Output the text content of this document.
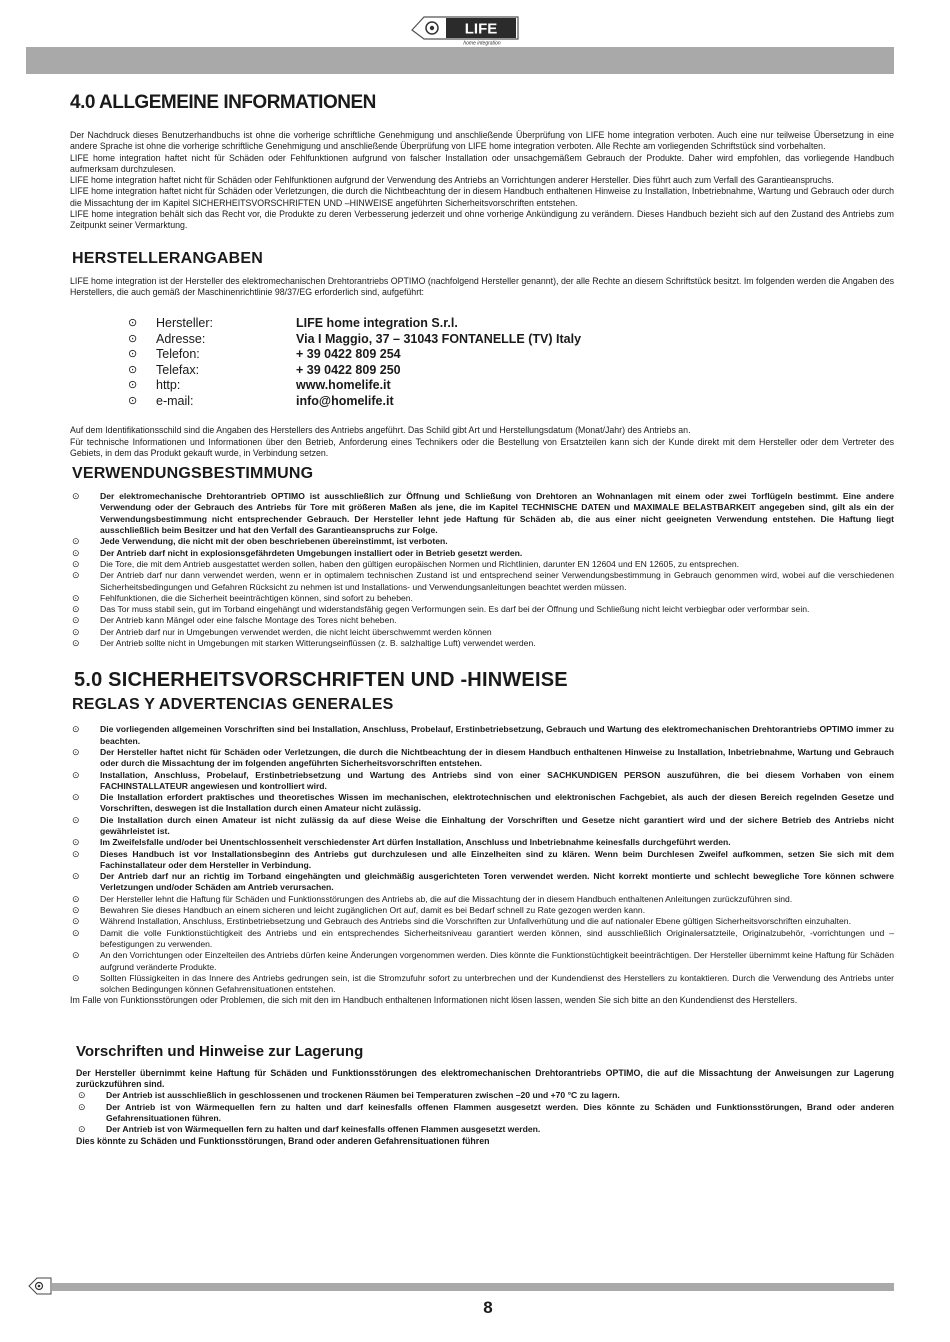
LIFE
home integration
4.0 ALLGEMEINE INFORMATIONEN

Der Nachdruck dieses Benutzerhandbuchs ist ohne die vorherige schriftliche Genehmigung und anschließende Überprüfung von LIFE home integration verboten. Auch eine nur teilweise Übersetzung in eine andere Sprache ist ohne die vorherige schriftliche Genehmigung und anschließende Überprüfung von LIFE home integration verboten. Alle Rechte am vorliegenden Schriftstück sind vorbehalten.

LIFE home integration haftet nicht für Schäden oder Fehlfunktionen aufgrund von falscher Installation oder unsachgemäßem Gebrauch der Produkte. Daher wird empfohlen, das vorliegende Handbuch aufmerksam durchzulesen.

LIFE home integration haftet nicht für Schäden oder Fehlfunktionen aufgrund der Verwendung des Antriebs an Vorrichtungen anderer Hersteller. Dies führt auch zum Verfall des Garantieanspruchs.

LIFE home integration haftet nicht für Schäden oder Verletzungen, die durch die Nichtbeachtung der in diesem Handbuch enthaltenen Hinweise zu Installation, Inbetriebnahme, Wartung und Gebrauch oder durch die Missachtung der im Kapitel SICHERHEITSVORSCHRIFTEN UND –HINWEISE angeführten Sicherheitsvorschriften entstehen.

LIFE home integration behält sich das Recht vor, die Produkte zu deren Verbesserung jederzeit und ohne vorherige Ankündigung zu verändern. Dieses Handbuch bezieht sich auf den Zustand des Antriebs zum Zeitpunkt seiner Vermarktung.

HERSTELLERANGABEN

LIFE home integration ist der Hersteller des elektromechanischen Drehtorantriebs OPTIMO (nachfolgend Hersteller genannt), der alle Rechte an diesem Schriftstück besitzt. Im folgenden werden die Angaben des Herstellers, die auch gemäß der Maschinenrichtlinie 98/37/EG erforderlich sind, aufgeführt:

⊙	Hersteller:	LIFE home integration S.r.l.
⊙	Adresse:	Via I Maggio, 37 – 31043 FONTANELLE (TV) Italy
⊙	Telefon:	+ 39 0422 809 254
⊙	Telefax:	+ 39 0422 809 250
⊙	http:	www.homelife.it
⊙	e-mail:	info@homelife.it

Auf dem Identifikationsschild sind die Angaben des Herstellers des Antriebs angeführt. Das Schild gibt Art und Herstellungsdatum (Monat/Jahr) des Antriebs an.

Für technische Informationen und Informationen über den Betrieb, Anforderung eines Technikers oder die Bestellung von Ersatzteilen kann sich der Kunde direkt mit dem Hersteller oder dem Vertreter des Gebiets, in dem das Produkt gekauft wurde, in Verbindung setzen.

VERWENDUNGSBESTIMMUNG
⊙ Der elektromechanische Drehtorantrieb OPTIMO ist ausschließlich zur Öffnung und Schließung von Drehtoren an Wohnanlagen mit einem oder zwei Torflügeln bestimmt. Eine andere Verwendung oder der Gebrauch des Antriebs für Tore mit größeren Maßen als jene, die im Kapitel TECHNISCHE DATEN und MAXIMALE BELASTBARKEIT angegeben sind, gilt als ein der Verwendungsbestimmung nicht entsprechender Gebrauch. Der Hersteller lehnt jede Haftung für Schäden ab, die aus einer nicht geeigneten Verwendung entstehen. Die Haftung liegt ausschließlich beim Besitzer und hat den Verfall des Garantieanspruchs zur Folge.
⊙ Jede Verwendung, die nicht mit der oben beschriebenen übereinstimmt, ist verboten.
⊙ Der Antrieb darf nicht in explosionsgefährdeten Umgebungen installiert oder in Betrieb gesetzt werden.
⊙ Die Tore, die mit dem Antrieb ausgestattet werden sollen, haben den gültigen europäischen Normen und Richtlinien, darunter EN 12604 und EN 12605, zu entsprechen.
⊙ Der Antrieb darf nur dann verwendet werden, wenn er in optimalem technischen Zustand ist und entsprechend seiner Verwendungsbestimmung in Gebrauch genommen wird, wobei auf die verschiedenen Sicherheitsbedingungen und Gefahren Rücksicht zu nehmen ist und Installations- und Verwendungsanleitungen beachtet werden müssen.
⊙ Fehlfunktionen, die die Sicherheit beeinträchtigen können, sind sofort zu beheben.
⊙ Das Tor muss stabil sein, gut im Torband eingehängt und widerstandsfähig gegen Verformungen sein. Es darf bei der Öffnung und Schließung nicht leicht verbiegbar oder verformbar sein.
⊙ Der Antrieb kann Mängel oder eine falsche Montage des Tores nicht beheben.
⊙ Der Antrieb darf nur in Umgebungen verwendet werden, die nicht leicht überschwemmt werden können
⊙ Der Antrieb sollte nicht in Umgebungen mit starken Witterungseinflüssen (z. B. salzhaltige Luft) verwendet werden.
5.0 SICHERHEITSVORSCHRIFTEN UND -HINWEISE
REGLAS Y ADVERTENCIAS GENERALES
⊙ Die vorliegenden allgemeinen Vorschriften sind bei Installation, Anschluss, Probelauf, Erstinbetriebsetzung, Gebrauch und Wartung des elektromechanischen Drehtorantriebs OPTIMO immer zu beachten.
⊙ Der Hersteller haftet nicht für Schäden oder Verletzungen, die durch die Nichtbeachtung der in diesem Handbuch enthaltenen Hinweise zu Installation, Inbetriebnahme, Wartung und Gebrauch oder durch die Missachtung der im folgenden angeführten Sicherheitsvorschriften entstehen.
⊙ Installation, Anschluss, Probelauf, Erstinbetriebsetzung und Wartung des Antriebs sind von einer SACHKUNDIGEN PERSON auszuführen, die bei diesem Vorhaben von einem FACHINSTALLATEUR angewiesen und kontrolliert wird.
⊙ Die Installation erfordert praktisches und theoretisches Wissen im mechanischen, elektrotechnischen und elektronischen Fachgebiet, als auch der diesen Bereich regelnden Gesetze und Vorschriften, deswegen ist die Installation durch einen Amateur nicht zulässig.
⊙ Die Installation durch einen Amateur ist nicht zulässig da auf diese Weise die Einhaltung der Vorschriften und Gesetze nicht garantiert wird und der sichere Betrieb des Antriebs nicht gewährleistet ist.
⊙ Im Zweifelsfalle und/oder bei Unentschlossenheit verschiedenster Art dürfen Installation, Anschluss und Inbetriebnahme keinesfalls durchgeführt werden.
⊙ Dieses Handbuch ist vor Installationsbeginn des Antriebs gut durchzulesen und alle Einzelheiten sind zu klären. Wenn beim Durchlesen Zweifel aufkommen, setzen Sie sich mit dem Fachinstallateur oder dem Hersteller in Verbindung.
⊙ Der Antrieb darf nur an richtig im Torband eingehängten und gleichmäßig ausgerichteten Toren verwendet werden. Nicht korrekt montierte und schlecht bewegliche Tore können schwere Verletzungen und/oder Schäden am Antrieb verursachen.
⊙ Der Hersteller lehnt die Haftung für Schäden und Funktionsstörungen des Antriebs ab, die auf die Missachtung der in diesem Handbuch enthaltenen Anleitungen zurückzuführen sind.
⊙ Bewahren Sie dieses Handbuch an einem sicheren und leicht zugänglichen Ort auf, damit es bei Bedarf schnell zu Rate gezogen werden kann.
⊙ Während Installation, Anschluss, Erstinbetriebsetzung und Gebrauch des Antriebs sind die Vorschriften zur Unfallverhütung und die auf nationaler Ebene gültigen Sicherheitsvorschriften einzuhalten.
⊙ Damit die volle Funktionstüchtigkeit des Antriebs und ein entsprechendes Sicherheitsniveau garantiert werden können, sind ausschließlich Originalersatzteile, Originalzubehör, -vorrichtungen und –befestigungen zu verwenden.
⊙ An den Vorrichtungen oder Einzelteilen des Antriebs dürfen keine Änderungen vorgenommen werden. Dies könnte die Funktionstüchtigkeit beeinträchtigen. Der Hersteller übernimmt keine Haftung für Schäden aufgrund veränderte Produkte.
⊙ Sollten Flüssigkeiten in das Innere des Antriebs gedrungen sein, ist die Stromzufuhr sofort zu unterbrechen und der Kundendienst des Herstellers zu kontaktieren. Durch die Verwendung des Antriebs unter solchen Bedingungen können Gefahrensituationen entstehen.

Im Falle von Funktionsstörungen oder Problemen, die sich mit den im Handbuch enthaltenen Informationen nicht lösen lassen, wenden Sie sich bitte an den Kundendienst des Herstellers.

Vorschriften und Hinweise zur Lagerung

Der Hersteller übernimmt keine Haftung für Schäden und Funktionsstörungen des elektromechanischen Drehtorantriebs OPTIMO, die auf die Missachtung der Anweisungen zur Lagerung zurückzuführen sind.

⊙ Der Antrieb ist ausschließlich in geschlossenen und trockenen Räumen bei Temperaturen zwischen –20 und +70 °C zu lagern.
⊙ Der Antrieb ist von Wärmequellen fern zu halten und darf keinesfalls offenen Flammen ausgesetzt werden. Dies könnte zu Schäden und Funktionsstörungen, Brand oder anderen Gefahrensituationen führen.
⊙ Der Antrieb ist von Wärmequellen fern zu halten und darf keinesfalls offenen Flammen ausgesetzt werden.

Dies könnte zu Schäden und Funktionsstörungen, Brand oder anderen Gefahrensituationen führen

8
